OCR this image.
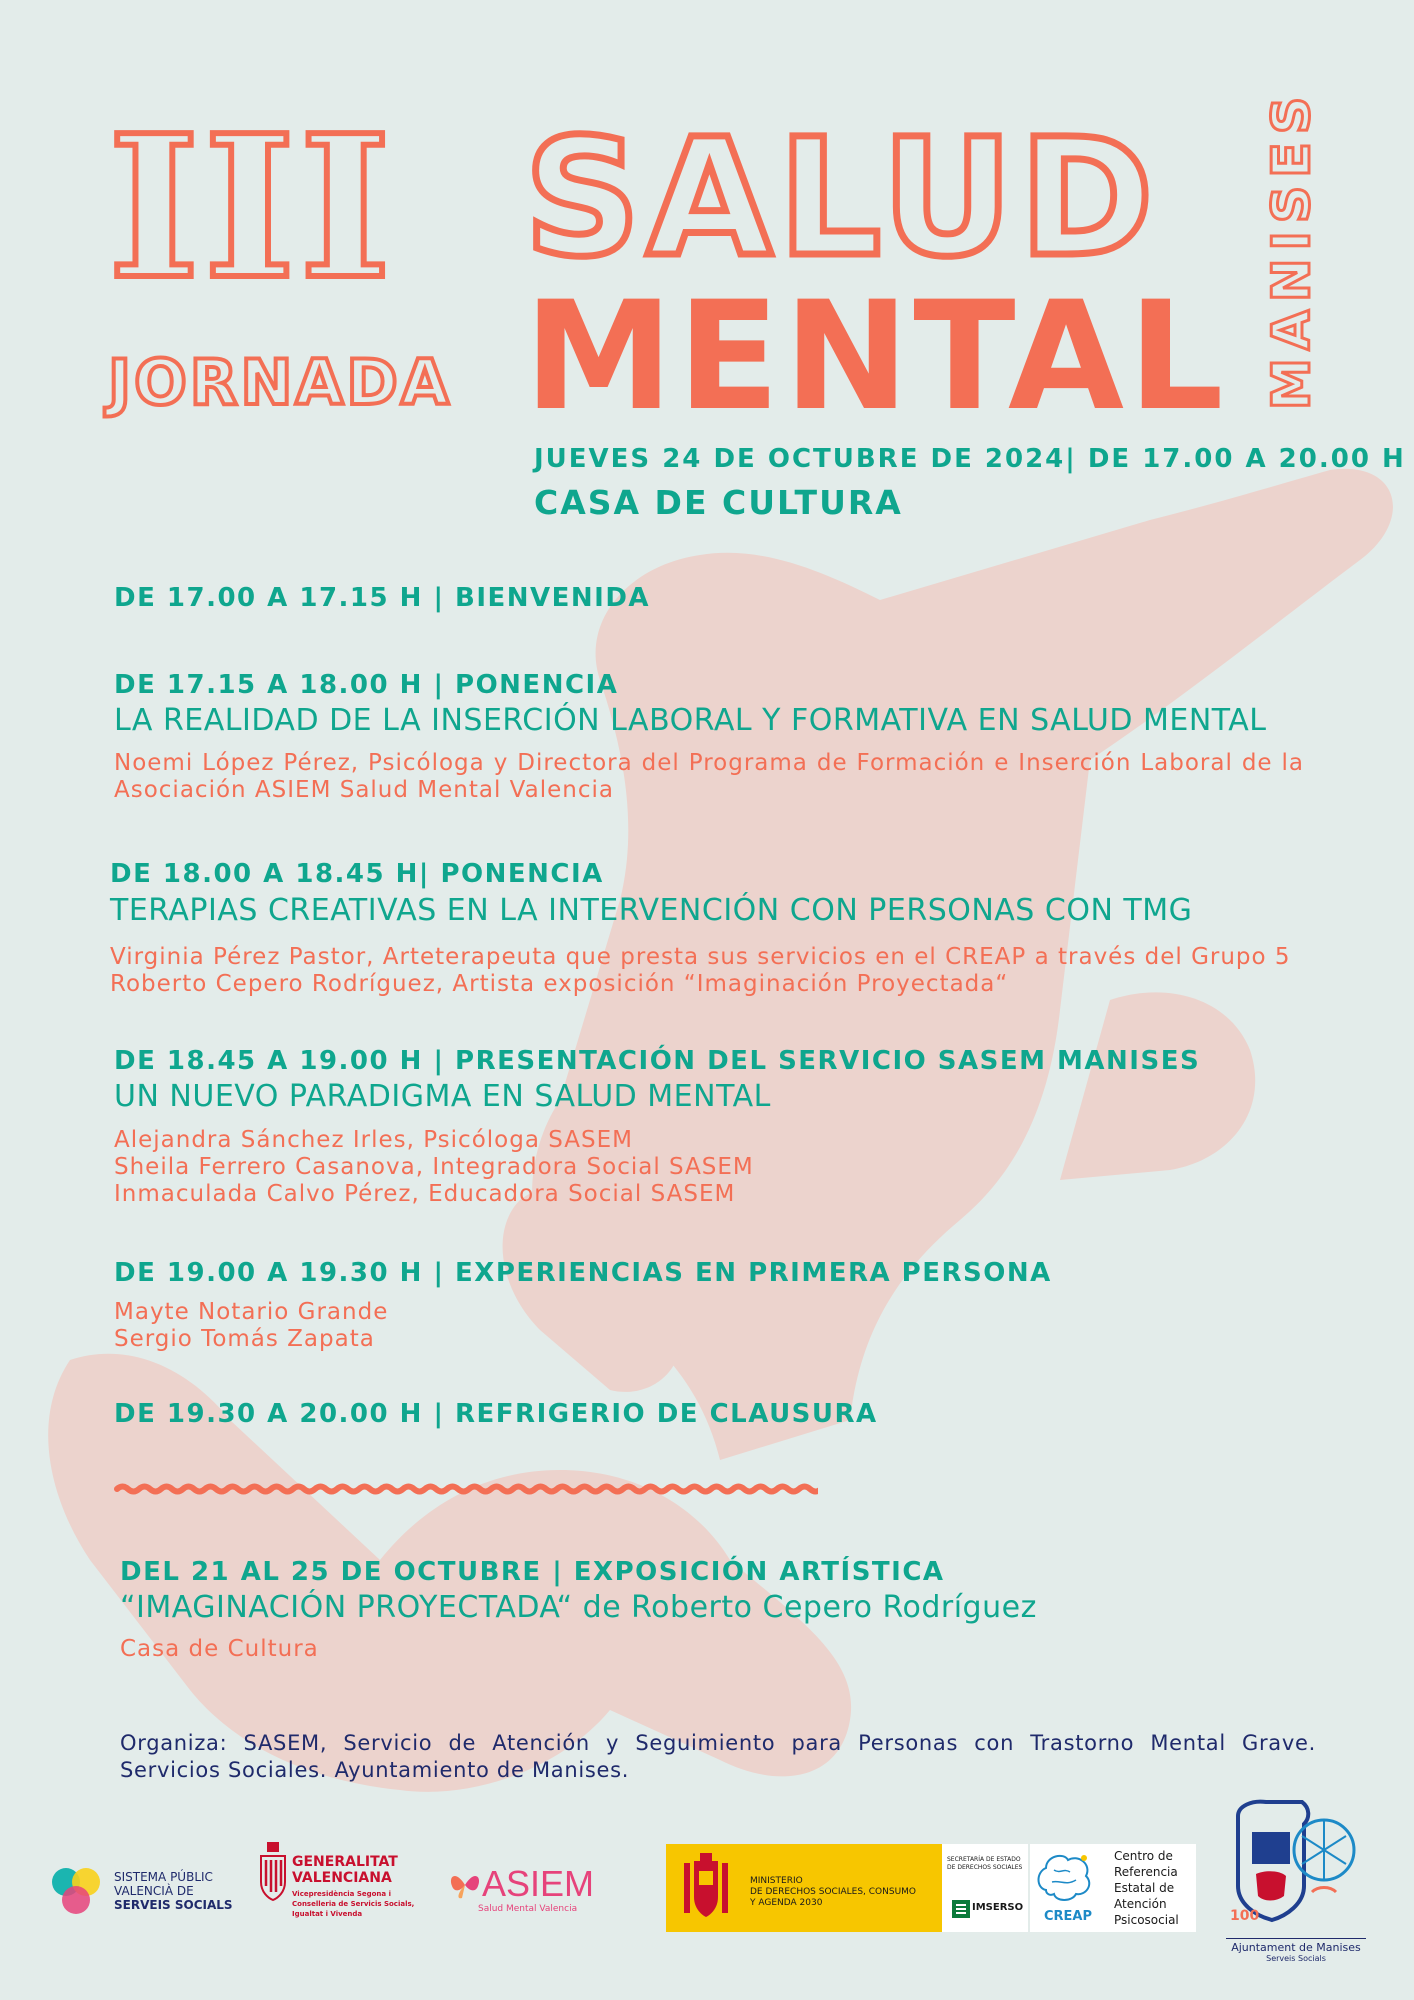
III
JORNADA
SALUD
MENTAL MANISES
JUEVES 24 DE OCTUBRE DE 2024| DE 17.00 A 20.00 H
CASA DE CULTURA
DE 17.00 A 17.15 H | BIENVENIDA
DE 17.15 A 18.00 H | PONENCIA
LA REALIDAD DE LA INSERCIÓN LABORAL Y FORMATIVA EN SALUD MENTAL
Noemi López Pérez, Psicóloga y Directora del Programa de Formación e Inserción Laboral de la Asociación ASIEM Salud Mental Valencia
DE 18.00 A 18.45 H| PONENCIA
TERAPIAS CREATIVAS EN LA INTERVENCIÓN CON PERSONAS CON TMG
Virginia Pérez Pastor, Arteterapeuta que presta sus servicios en el CREAP a través del Grupo 5
Roberto Cepero Rodríguez, Artista exposición “Imaginación Proyectada“
DE 18.45 A 19.00 H | PRESENTACIÓN DEL SERVICIO SASEM MANISES
UN NUEVO PARADIGMA EN SALUD MENTAL
Alejandra Sánchez Irles, Psicóloga SASEM
Sheila Ferrero Casanova, Integradora Social SASEM
Inmaculada Calvo Pérez, Educadora Social SASEM
DE 19.00 A 19.30 H | EXPERIENCIAS EN PRIMERA PERSONA
Mayte Notario Grande
Sergio Tomás Zapata
DE 19.30 A 20.00 H | REFRIGERIO DE CLAUSURA
DEL 21 AL 25 DE OCTUBRE | EXPOSICIÓN ARTÍSTICA
“IMAGINACIÓN PROYECTADA“ de Roberto Cepero Rodríguez
Casa de Cultura
Organiza: SASEM, Servicio de Atención y Seguimiento para Personas con Trastorno Mental Grave. Servicios Sociales. Ayuntamiento de Manises.
SISTEMA PÚBLIC
VALENCIÀ DE
SERVEIS SOCIALS
GENERALITAT
VALENCIANA
Vicepresidència Segona i
Conselleria de Servicis Socials,
Igualtat i Vivenda
ASIEM
Salud Mental Valencia
MINISTERIO
DE DERECHOS SOCIALES, CONSUMO
Y AGENDA 2030
SECRETARÍA DE ESTADO
DE DERECHOS SOCIALES
IMSERSO
CREAP
Centro de
Referencia
Estatal de
Atención
Psicosocial	100
Ajuntament de Manises
Serveis Socials
